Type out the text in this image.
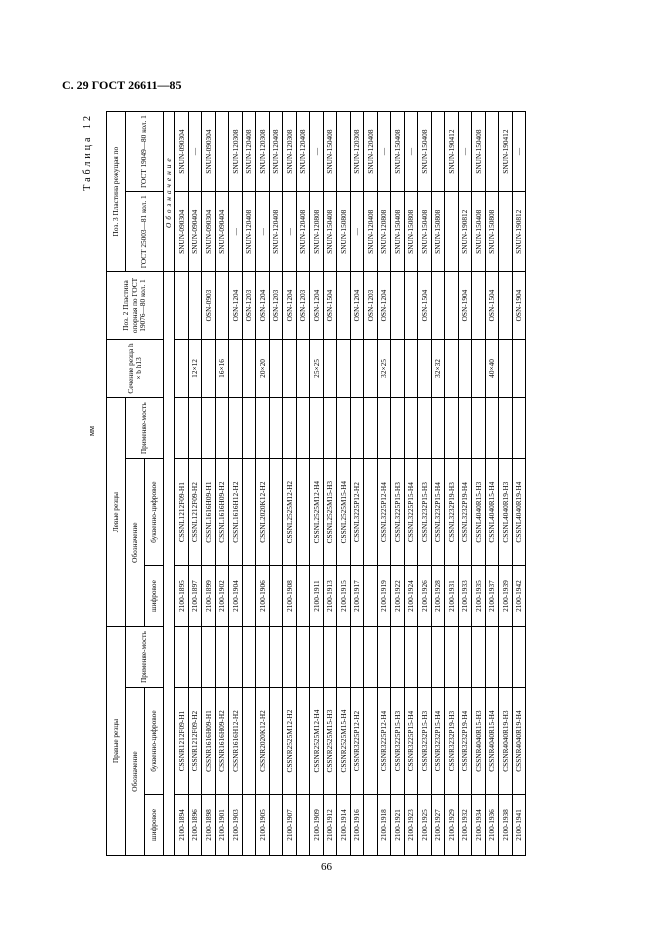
С. 29 ГОСТ 26611—85
Таблица 12
мм
Правые резцы			Левые резцы			Сечение резца h × b h13	Поз. 2 Пластина опорная по ГОСТ 19076—80 кол. 1	Поз. 3 Пластина режущая по	
Обозначение		Применяе-мость	Обозначение		Применяе-мость			ГОСТ 25003—81 кол. 1	ГОСТ 19049—80 кол. 1
шифровое	буквенно-цифровое		шифровое	буквенно-цифровое					
								Обозначение	
2100-1894	CSSNR1212F09-H1		2100-1895	CSSNL1212F09-H1				SNUN-090304	SNUN-090304
2100-1896	CSSNR1212F09-H2		2100-1897	CSSNL1212F09-H2		12×12		SNUN-090404	—
2100-1898	CSSNR1616H09-H1		2100-1899	CSSNL1616H09-H1			OSN-0903	SNUN-090304	SNUN-090304
2100-1901	CSSNR1616H09-H2		2100-1902	CSSNL1616H09-H2		16×16		SNUN-090404	
2100-1903	CSSNR1616H12-H2		2100-1904	CSSNL1616H12-H2			OSN-1204	—	SNUN-120308
							OSN-1203	SNUN-120408	SNUN-120408
2100-1905	CSSNR2020K12-H2		2100-1906	CSSNL2020K12-H2		20×20	OSN-1204	—	SNUN-120308
							OSN-1203	SNUN-120408	SNUN-120408
2100-1907	CSSNR2525M12-H2		2100-1908	CSSNL2525M12-H2			OSN-1204	—	SNUN-120308
							OSN-1203	SNUN-120408	SNUN-120408
2100-1909	CSSNR2525M12-H4		2100-1911	CSSNL2525M12-H4		25×25	OSN-1204	SNUN-120808	—
2100-1912	CSSNR2525M15-H3		2100-1913	CSSNL2525M15-H3			OSN-1504	SNUN-150408	SNUN-150408
2100-1914	CSSNR2525M15-H4		2100-1915	CSSNL2525M15-H4				SNUN-150808	
2100-1916	CSSNR3225P12-H2		2100-1917	CSSNL3225P12-H2			OSN-1204	—	SNUN-120308
							OSN-1203	SNUN-120408	SNUN-120408
2100-1918	CSSNR3225P12-H4		2100-1919	CSSNL3225P12-H4		32×25	OSN-1204	SNUN-120808	—
2100-1921	CSSNR3225P15-H3		2100-1922	CSSNL3225P15-H3				SNUN-150408	SNUN-150408
2100-1923	CSSNR3225P15-H4		2100-1924	CSSNL3225P15-H4				SNUN-150808	—
2100-1925	CSSNR3232P15-H3		2100-1926	CSSNL3232P15-H3			OSN-1504	SNUN-150408	SNUN-150408
2100-1927	CSSNR3232P15-H4		2100-1928	CSSNL3232P15-H4		32×32		SNUN-150808	
2100-1929	CSSNR3232P19-H3		2100-1931	CSSNL3232P19-H3					SNUN-190412
2100-1932	CSSNR3232P19-H4		2100-1933	CSSNL3232P19-H4			OSN-1904	SNUN-190812	—
2100-1934	CSSNR4040R15-H3		2100-1935	CSSNL4040R15-H3				SNUN-150408	SNUN-150408
2100-1936	CSSNR4040R15-H4		2100-1937	CSSNL4040R15-H4		40×40	OSN-1504	SNUN-150808	
2100-1938	CSSNR4040R19-H3		2100-1939	CSSNL4040R19-H3					SNUN-190412
2100-1941	CSSNR4040R19-H4		2100-1942	CSSNL4040R19-H4			OSN-1904	SNUN-190812	—
66
